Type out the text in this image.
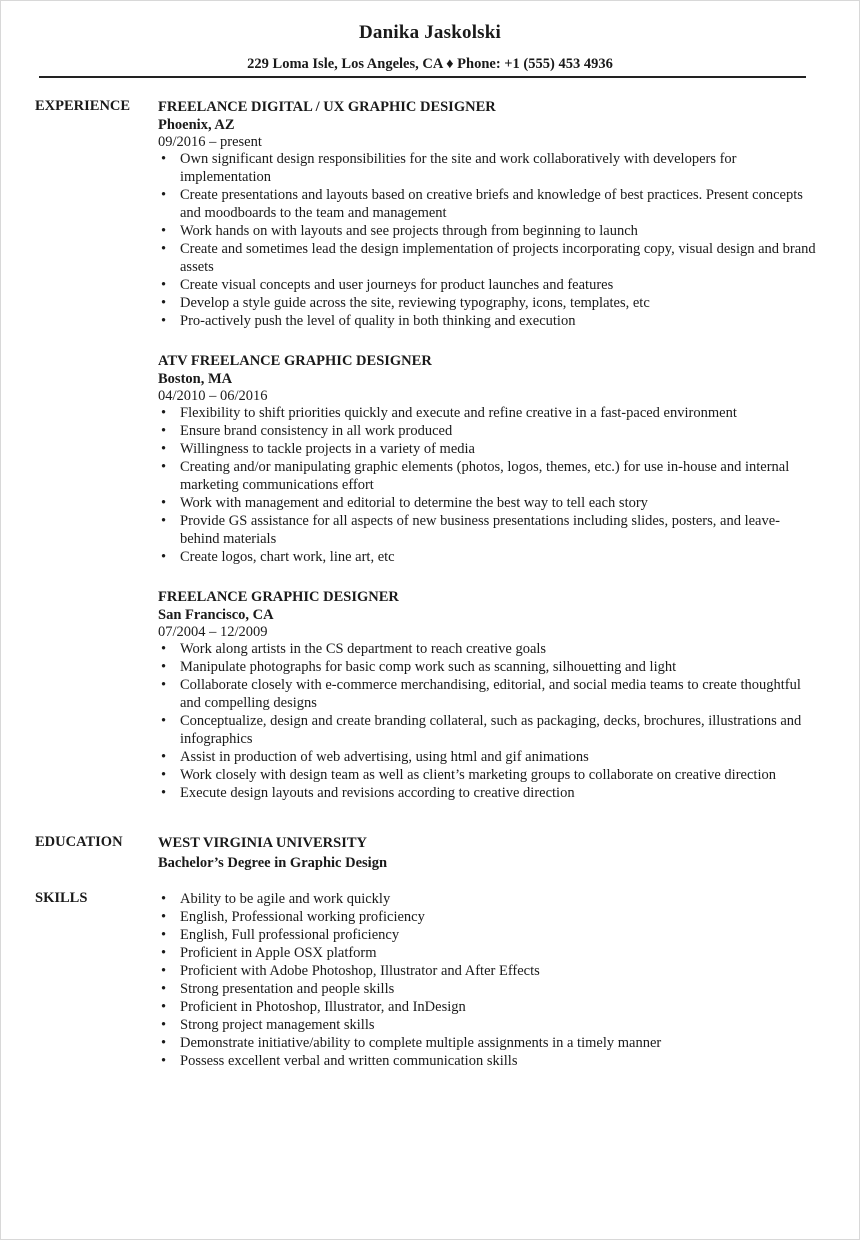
Danika Jaskolski
229 Loma Isle, Los Angeles, CA ♦ Phone: +1 (555) 453 4936
EXPERIENCE FREELANCE DIGITAL / UX GRAPHIC DESIGNER
Phoenix, AZ
09/2016 – present
• Own significant design responsibilities for the site and work collaboratively with developers for implementation
• Create presentations and layouts based on creative briefs and knowledge of best practices. Present concepts and moodboards to the team and management
• Work hands on with layouts and see projects through from beginning to launch
• Create and sometimes lead the design implementation of projects incorporating copy, visual design and brand assets
• Create visual concepts and user journeys for product launches and features
• Develop a style guide across the site, reviewing typography, icons, templates, etc
• Pro-actively push the level of quality in both thinking and execution
ATV FREELANCE GRAPHIC DESIGNER
Boston, MA
04/2010 – 06/2016
• Flexibility to shift priorities quickly and execute and refine creative in a fast-paced environment
• Ensure brand consistency in all work produced
• Willingness to tackle projects in a variety of media
• Creating and/or manipulating graphic elements (photos, logos, themes, etc.) for use in-house and internal marketing communications effort
• Work with management and editorial to determine the best way to tell each story
• Provide GS assistance for all aspects of new business presentations including slides, posters, and leave-behind materials
• Create logos, chart work, line art, etc
FREELANCE GRAPHIC DESIGNER
San Francisco, CA
07/2004 – 12/2009
• Work along artists in the CS department to reach creative goals
• Manipulate photographs for basic comp work such as scanning, silhouetting and light
• Collaborate closely with e-commerce merchandising, editorial, and social media teams to create thoughtful and compelling designs
• Conceptualize, design and create branding collateral, such as packaging, decks, brochures, illustrations and infographics
• Assist in production of web advertising, using html and gif animations
• Work closely with design team as well as client’s marketing groups to collaborate on creative direction
• Execute design layouts and revisions according to creative direction
EDUCATION WEST VIRGINIA UNIVERSITY
Bachelor’s Degree in Graphic Design
SKILLS	• Ability to be agile and work quickly
• English, Professional working proficiency
• English, Full professional proficiency
• Proficient in Apple OSX platform
• Proficient with Adobe Photoshop, Illustrator and After Effects
• Strong presentation and people skills
• Proficient in Photoshop, Illustrator, and InDesign
• Strong project management skills
• Demonstrate initiative/ability to complete multiple assignments in a timely manner
• Possess excellent verbal and written communication skills
